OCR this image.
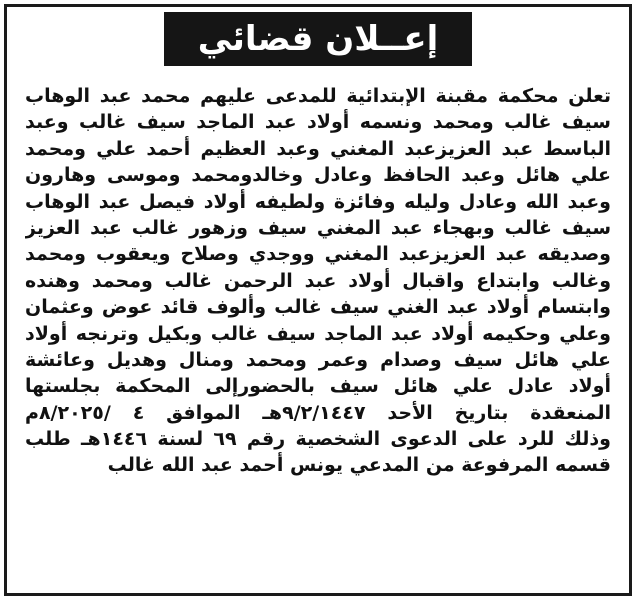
إعــلان قضائي
تعلن محكمة مقبنة الإبتدائية للمدعى عليهم محمد عبد الوهاب
سيف غالب ومحمد ونسمه أولاد عبد الماجد سيف غالب وعبد
الباسط عبد العزيزعبد المغني وعبد العظيم أحمد علي ومحمد
علي هائل وعبد الحافظ وعادل وخالدومحمد وموسى وهارون
وعبد الله وعادل وليله وفائزة ولطيفه أولاد فيصل عبد الوهاب
سيف غالب وبهجاء عبد المغني سيف وزهور غالب عبد العزيز
وصديقه عبد العزيزعبد المغني ووجدي وصلاح ويعقوب ومحمد
وغالب وابتداع واقبال أولاد عبد الرحمن غالب ومحمد وهنده
وابتسام أولاد عبد الغني سيف غالب وألوف قائد عوض وعثمان
وعلي وحكيمه أولاد عبد الماجد سيف غالب وبكيل وترنجه أولاد
علي هائل سيف وصدام وعمر ومحمد ومنال وهديل وعائشة
أولاد عادل علي هائل سيف بالحضورإلى المحكمة بجلستها
المنعقدة بتاريخ الأحد ٩/٢/١٤٤٧هـ الموافق ٤ /٨/٢٠٢٥م
وذلك للرد على الدعوى الشخصية رقم ٦٩ لسنة ١٤٤٦هـ طلب
قسمه المرفوعة من المدعي يونس أحمد عبد الله غالب
